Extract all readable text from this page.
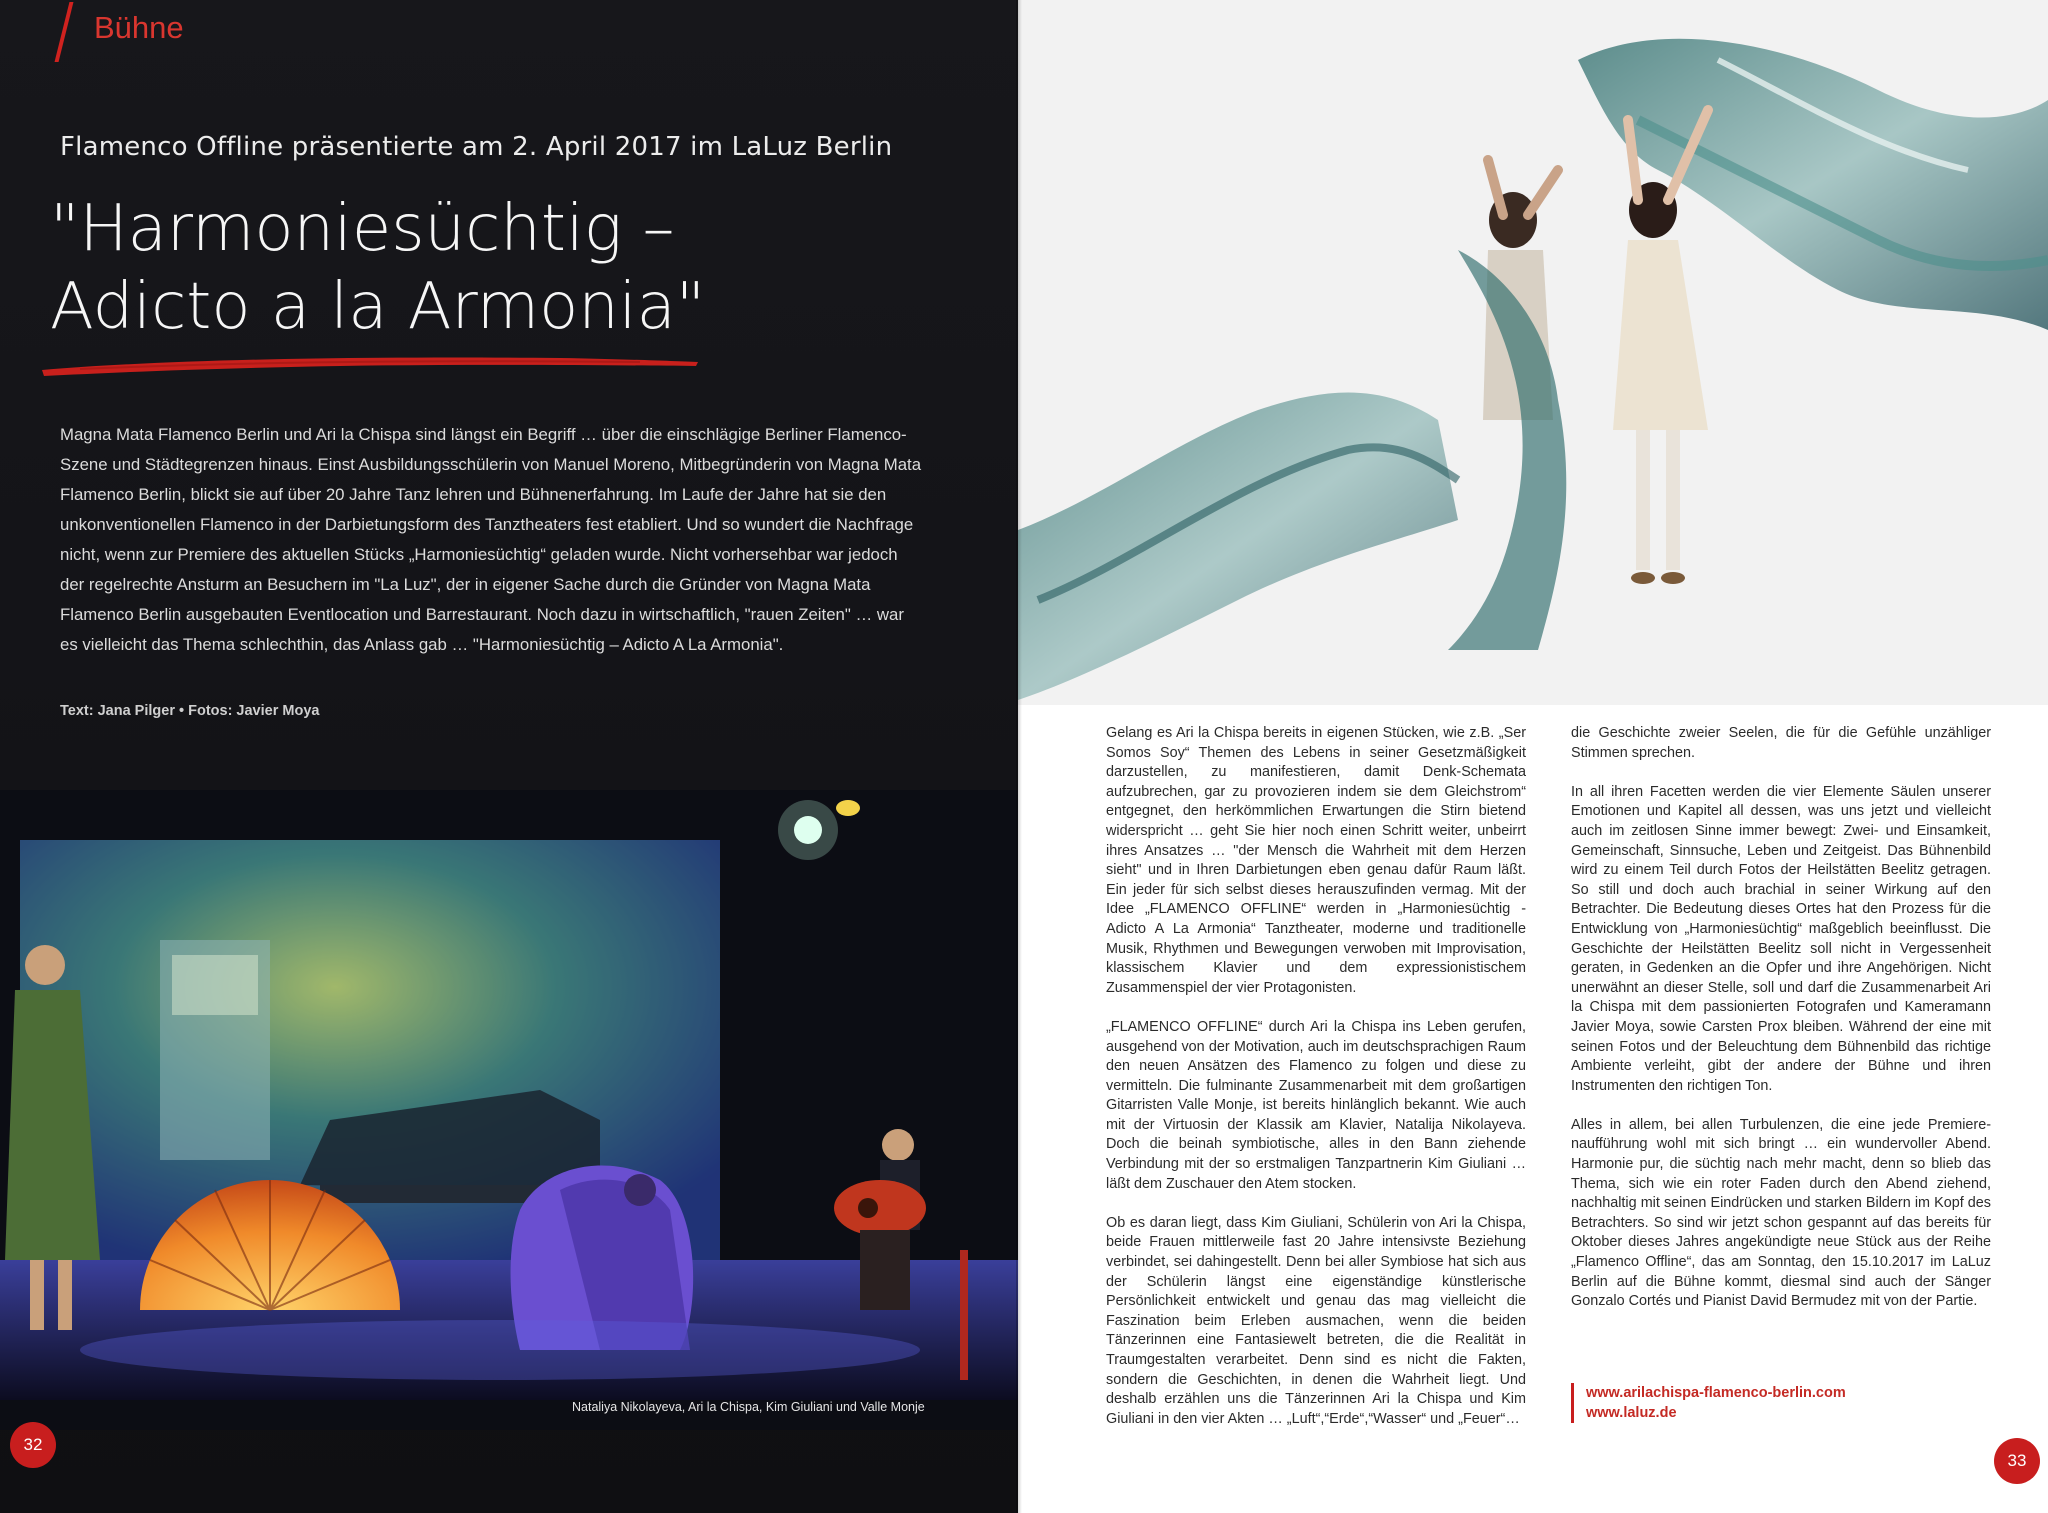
Bühne
Flamenco Offline präsentierte am 2. April 2017 im LaLuz Berlin
"Harmoniesüchtig –
Adicto a la Armonia"

Magna Mata Flamenco Berlin und Ari la Chispa sind längst ein Begriff … über die einschlägige Berliner Flamenco-Szene und Städtegrenzen hinaus. Einst Ausbildungsschülerin von Manuel Moreno, Mitbegründerin von Magna Mata Flamenco Berlin, blickt sie auf über 20 Jahre Tanz lehren und Bühnenerfahrung. Im Laufe der Jahre hat sie den unkonventionellen Flamenco in der Darbietungsform des Tanztheaters fest etabliert. Und so wundert die Nachfrage nicht, wenn zur Premiere des aktuellen Stücks „Harmoniesüchtig“ geladen wurde. Nicht vorhersehbar war jedoch der regelrechte Ansturm an Besuchern im "La Luz", der in eigener Sache durch die Gründer von Magna Mata Flamenco Berlin ausgebauten Eventlocation und Barrestaurant. Noch dazu in wirtschaftlich, "rauen Zeiten" … war es vielleicht das Thema schlechthin, das Anlass gab … "Harmoniesüchtig – Adicto A La Armonia".

Text: Jana Pilger • Fotos: Javier Moya
Nataliya Nikolayeva, Ari la Chispa, Kim Giuliani und Valle Monje
32

Gelang es Ari la Chispa bereits in eigenen Stücken, wie z.B. „Ser Somos Soy“ Themen des Lebens in seiner Gesetzmäßigkeit darzustellen, zu manifestieren, damit Denk-Schemata aufzubrechen, gar zu provozieren indem sie dem Gleichstrom“ entgegnet, den herkömmlichen Erwartungen die Stirn bietend widerspricht … geht Sie hier noch einen Schritt weiter, unbeirrt ihres Ansatzes … "der Mensch die Wahrheit mit dem Herzen sieht" und in Ihren Darbietungen eben genau dafür Raum läßt. Ein jeder für sich selbst dieses herauszufinden vermag. Mit der Idee „FLAMENCO OFFLINE“ werden in „Harmoniesüchtig - Adicto A La Armonia“ Tanztheater, moderne und traditionelle Musik, Rhythmen und Bewegungen verwoben mit Improvisation, klassischem Klavier und dem expressionistischem Zusammenspiel der vier Protagonisten.

„FLAMENCO OFFLINE“ durch Ari la Chispa ins Leben gerufen, ausgehend von der Motivation, auch im deutschsprachigen Raum den neuen Ansätzen des Flamenco zu folgen und diese zu vermitteln. Die fulminante Zusammenarbeit mit dem großartigen Gitarristen Valle Monje, ist bereits hinlänglich bekannt. Wie auch mit der Virtuosin der Klassik am Klavier, Natalija Nikolayeva. Doch die beinah symbiotische, alles in den Bann ziehende Verbindung mit der so erstmaligen Tanzpartnerin Kim Giuliani … läßt dem Zuschauer den Atem stocken.

Ob es daran liegt, dass Kim Giuliani, Schülerin von Ari la Chispa, beide Frauen mittlerweile fast 20 Jahre intensivste Beziehung verbindet, sei dahingestellt. Denn bei aller Symbiose hat sich aus der Schülerin längst eine eigenständige künstlerische Persönlichkeit entwickelt und genau das mag vielleicht die Faszination beim Erleben ausmachen, wenn die beiden Tänzerinnen eine Fantasiewelt betreten, die die Realität in Traumgestalten verarbeitet. Denn sind es nicht die Fakten, sondern die Geschichten, in denen die Wahrheit liegt. Und deshalb erzählen uns die Tänzerinnen Ari la Chispa und Kim Giuliani in den vier Akten … „Luft“,“Erde“,“Wasser“ und „Feuer“…

die Geschichte zweier Seelen, die für die Gefühle unzähliger Stimmen sprechen.

In all ihren Facetten werden die vier Elemente Säulen unserer Emotionen und Kapitel all dessen, was uns jetzt und vielleicht auch im zeitlosen Sinne immer bewegt: Zwei- und Einsamkeit, Gemeinschaft, Sinnsuche, Leben und Zeitgeist. Das Bühnenbild wird zu einem Teil durch Fotos der Heilstätten Beelitz getragen. So still und doch auch brachial in seiner Wirkung auf den Betrachter. Die Bedeutung dieses Ortes hat den Prozess für die Entwicklung von „Harmoniesüchtig“ maßgeblich beeinflusst. Die Geschichte der Heilstätten Beelitz soll nicht in Vergessenheit geraten, in Gedenken an die Opfer und ihre Angehörigen. Nicht unerwähnt an dieser Stelle, soll und darf die Zusammenarbeit Ari la Chispa mit dem passionierten Fotografen und Kameramann Javier Moya, sowie Carsten Prox bleiben. Während der eine mit seinen Fotos und der Beleuchtung dem Bühnenbild das richtige Ambiente verleiht, gibt der andere der Bühne und ihren Instrumenten den richtigen Ton.

Alles in allem, bei allen Turbulenzen, die eine jede Premierenaufführung wohl mit sich bringt … ein wundervoller Abend. Harmonie pur, die süchtig nach mehr macht, denn so blieb das Thema, sich wie ein roter Faden durch den Abend ziehend, nachhaltig mit seinen Eindrücken und starken Bildern im Kopf des Betrachters. So sind wir jetzt schon gespannt auf das bereits für Oktober dieses Jahres angekündigte neue Stück aus der Reihe „Flamenco Offline“, das am Sonntag, den 15.10.2017 im LaLuz Berlin auf die Bühne kommt, diesmal sind auch der Sänger Gonzalo Cortés und Pianist David Bermudez mit von der Partie.

www.arilachispa-flamenco-berlin.com
www.laluz.de
33
